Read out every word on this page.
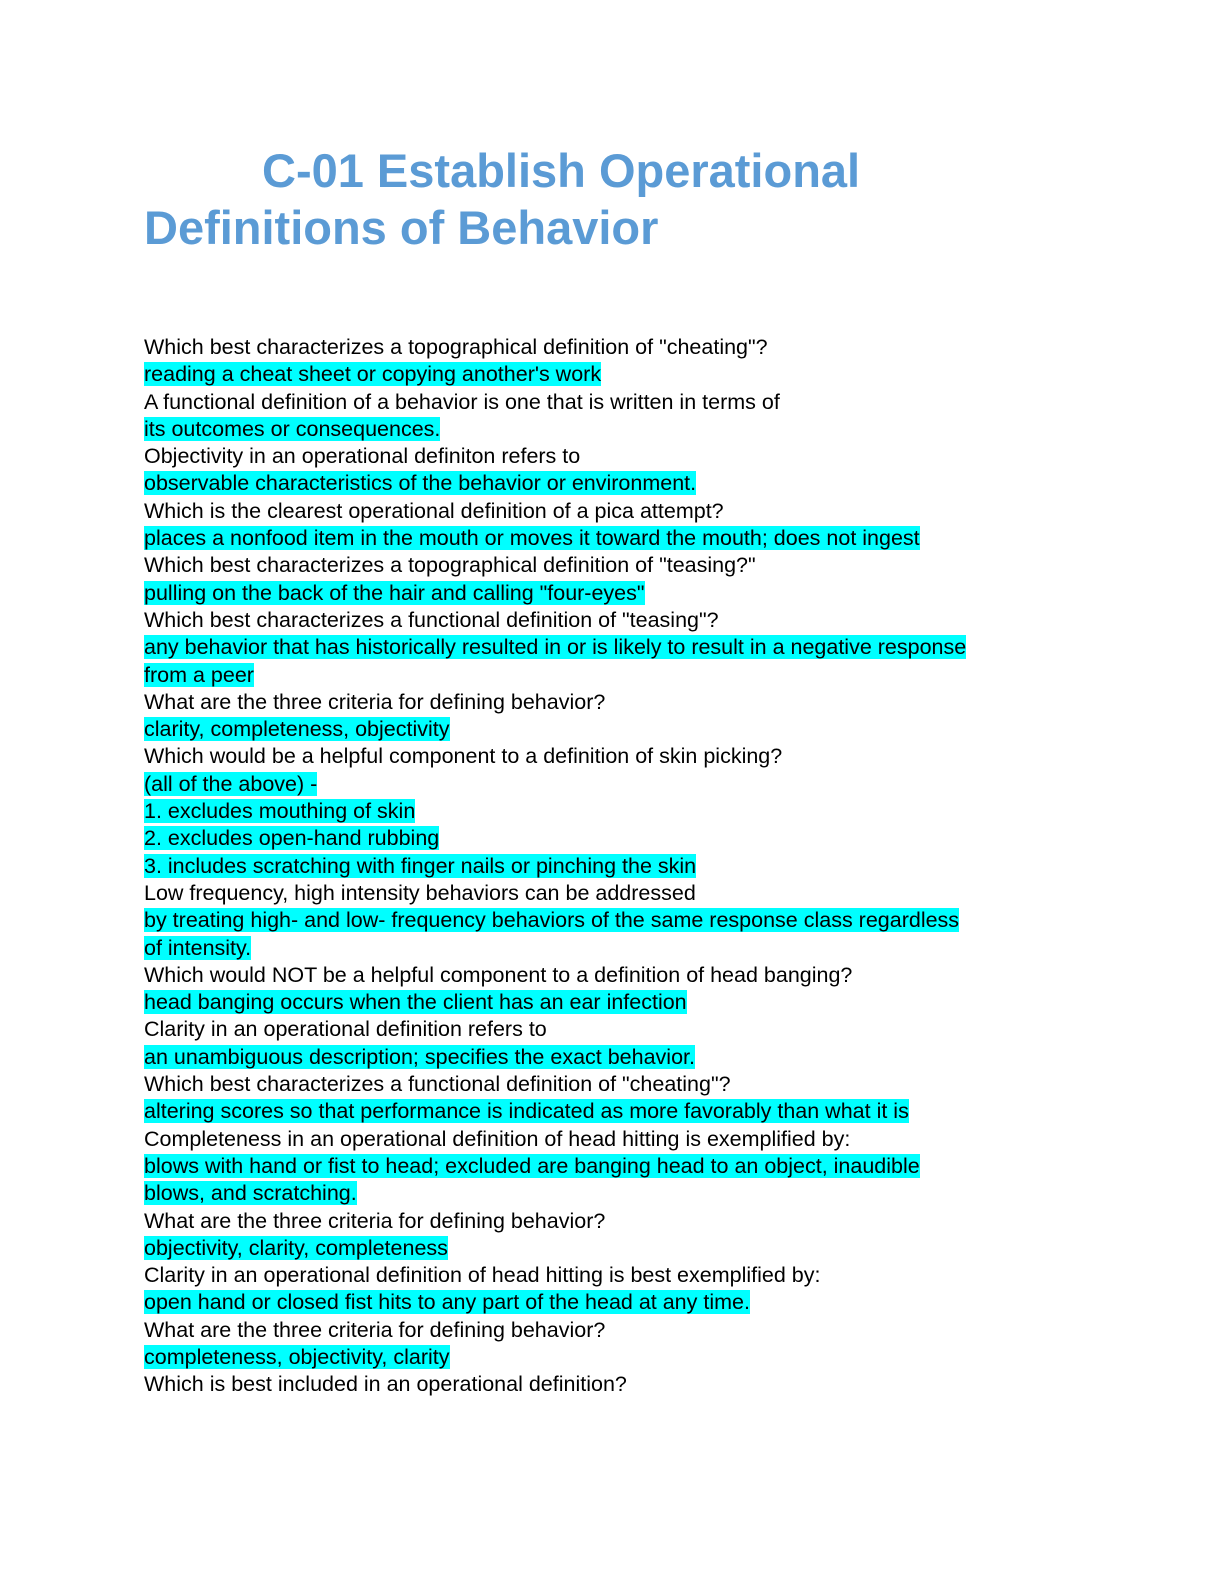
C-01 Establish Operational
Definitions of Behavior

Which best characterizes a topographical definition of "cheating"?

reading a cheat sheet or copying another's work

A functional definition of a behavior is one that is written in terms of

its outcomes or consequences.

Objectivity in an operational definiton refers to

observable characteristics of the behavior or environment.

Which is the clearest operational definition of a pica attempt?

places a nonfood item in the mouth or moves it toward the mouth; does not ingest

Which best characterizes a topographical definition of "teasing?"

pulling on the back of the hair and calling "four-eyes"

Which best characterizes a functional definition of "teasing"?

any behavior that has historically resulted in or is likely to result in a negative response
from a peer

What are the three criteria for defining behavior?

clarity, completeness, objectivity

Which would be a helpful component to a definition of skin picking?

(all of the above) -
1. excludes mouthing of skin
2. excludes open-hand rubbing
3. includes scratching with finger nails or pinching the skin

Low frequency, high intensity behaviors can be addressed

by treating high- and low- frequency behaviors of the same response class regardless
of intensity.

Which would NOT be a helpful component to a definition of head banging?

head banging occurs when the client has an ear infection

Clarity in an operational definition refers to

an unambiguous description; specifies the exact behavior.

Which best characterizes a functional definition of "cheating"?

altering scores so that performance is indicated as more favorably than what it is

Completeness in an operational definition of head hitting is exemplified by:

blows with hand or fist to head; excluded are banging head to an object, inaudible
blows, and scratching.

What are the three criteria for defining behavior?

objectivity, clarity, completeness

Clarity in an operational definition of head hitting is best exemplified by:

open hand or closed fist hits to any part of the head at any time.

What are the three criteria for defining behavior?

completeness, objectivity, clarity

Which is best included in an operational definition?
